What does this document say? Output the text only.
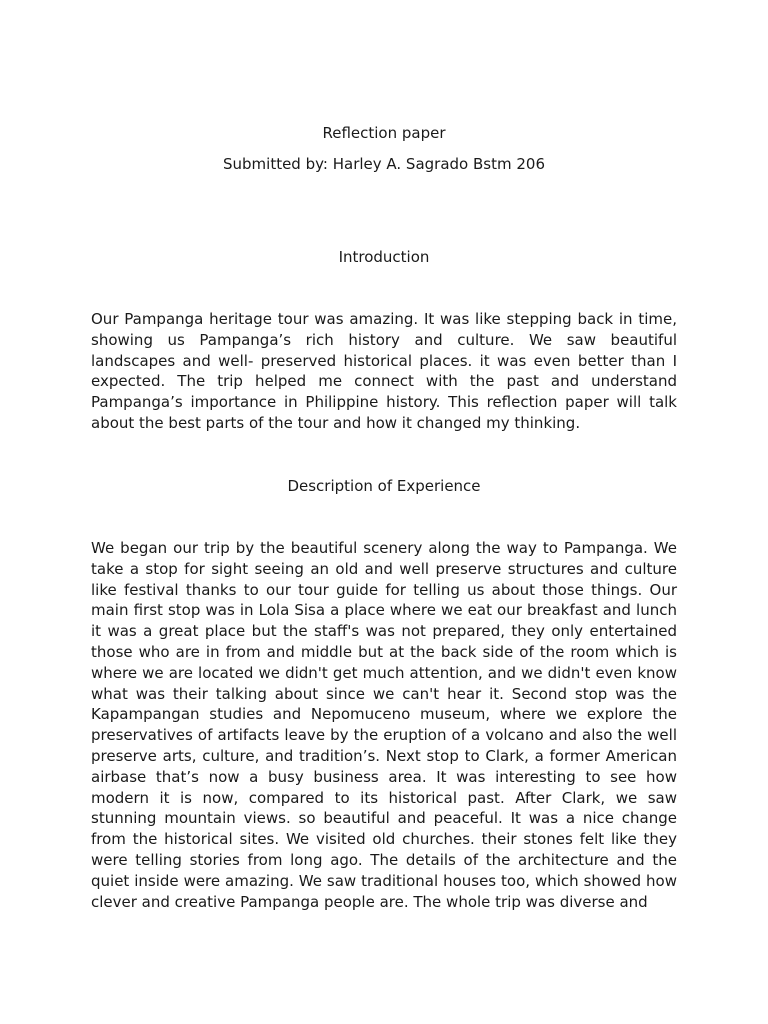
Reflection paper
Submitted by: Harley A. Sagrado Bstm 206
Introduction

Our Pampanga heritage tour was amazing. It was like stepping back in time, showing us Pampanga’s rich history and culture. We saw beautiful landscapes and well- preserved historical places. it was even better than I expected. The trip helped me connect with the past and understand Pampanga’s importance in Philippine history. This reflection paper will talk about the best parts of the tour and how it changed my thinking.

Description of Experience

We began our trip by the beautiful scenery along the way to Pampanga. We take a stop for sight seeing an old and well preserve structures and culture like festival thanks to our tour guide for telling us about those things. Our main first stop was in Lola Sisa a place where we eat our breakfast and lunch it was a great place but the staff's was not prepared, they only entertained those who are in from and middle but at the back side of the room which is where we are located we didn't get much attention, and we didn't even know what was their talking about since we can't hear it. Second stop was the Kapampangan studies and Nepomuceno museum, where we explore the preservatives of artifacts leave by the eruption of a volcano and also the well preserve arts, culture, and tradition’s. Next stop to Clark, a former American airbase that’s now a busy business area. It was interesting to see how modern it is now, compared to its historical past. After Clark, we saw stunning mountain views. so beautiful and peaceful. It was a nice change from the historical sites. We visited old churches. their stones felt like they were telling stories from long ago. The details of the architecture and the quiet inside were amazing. We saw traditional houses too, which showed how clever and creative Pampanga people are. The whole trip was diverse and
